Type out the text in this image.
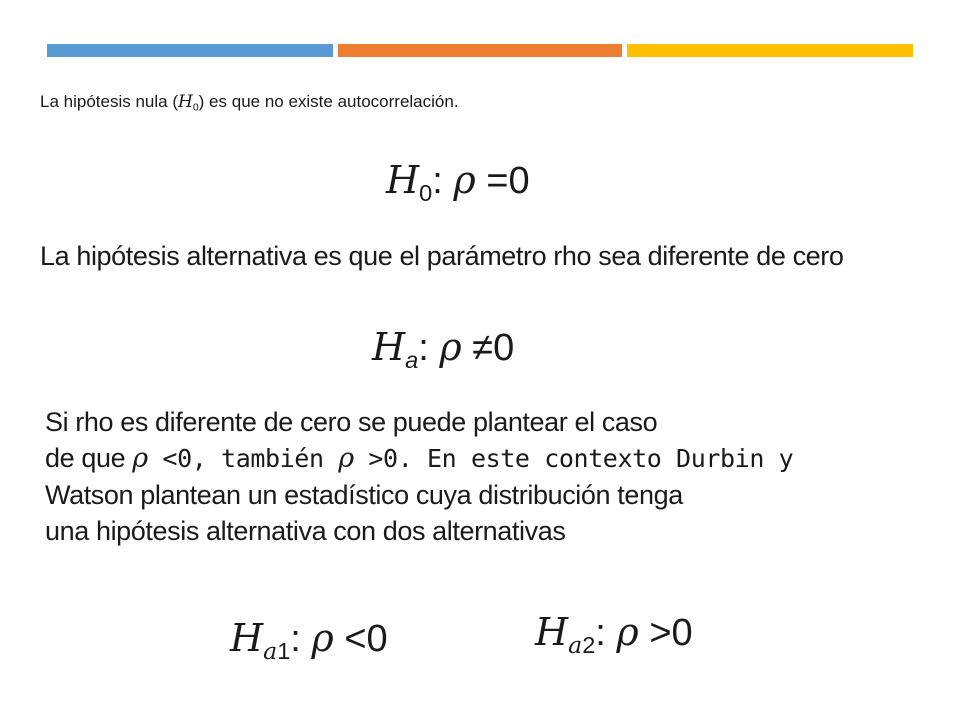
La hipótesis nula $(H_0)$ es que no existe autocorrelación.
$H_0$: ρ =0
La hipótesis alternativa es que el parámetro rho sea diferente de cero
$H_a$: ρ ≠0
Si rho es diferente de cero se puede plantear el caso
de que ρ <0, también ρ >0. En este contexto Durbin y
Watson plantean un estadístico cuya distribución tenga
una hipótesis alternativa con dos alternativas
$H_{a1}$: ρ <0	$H_{a2}$: ρ >0
